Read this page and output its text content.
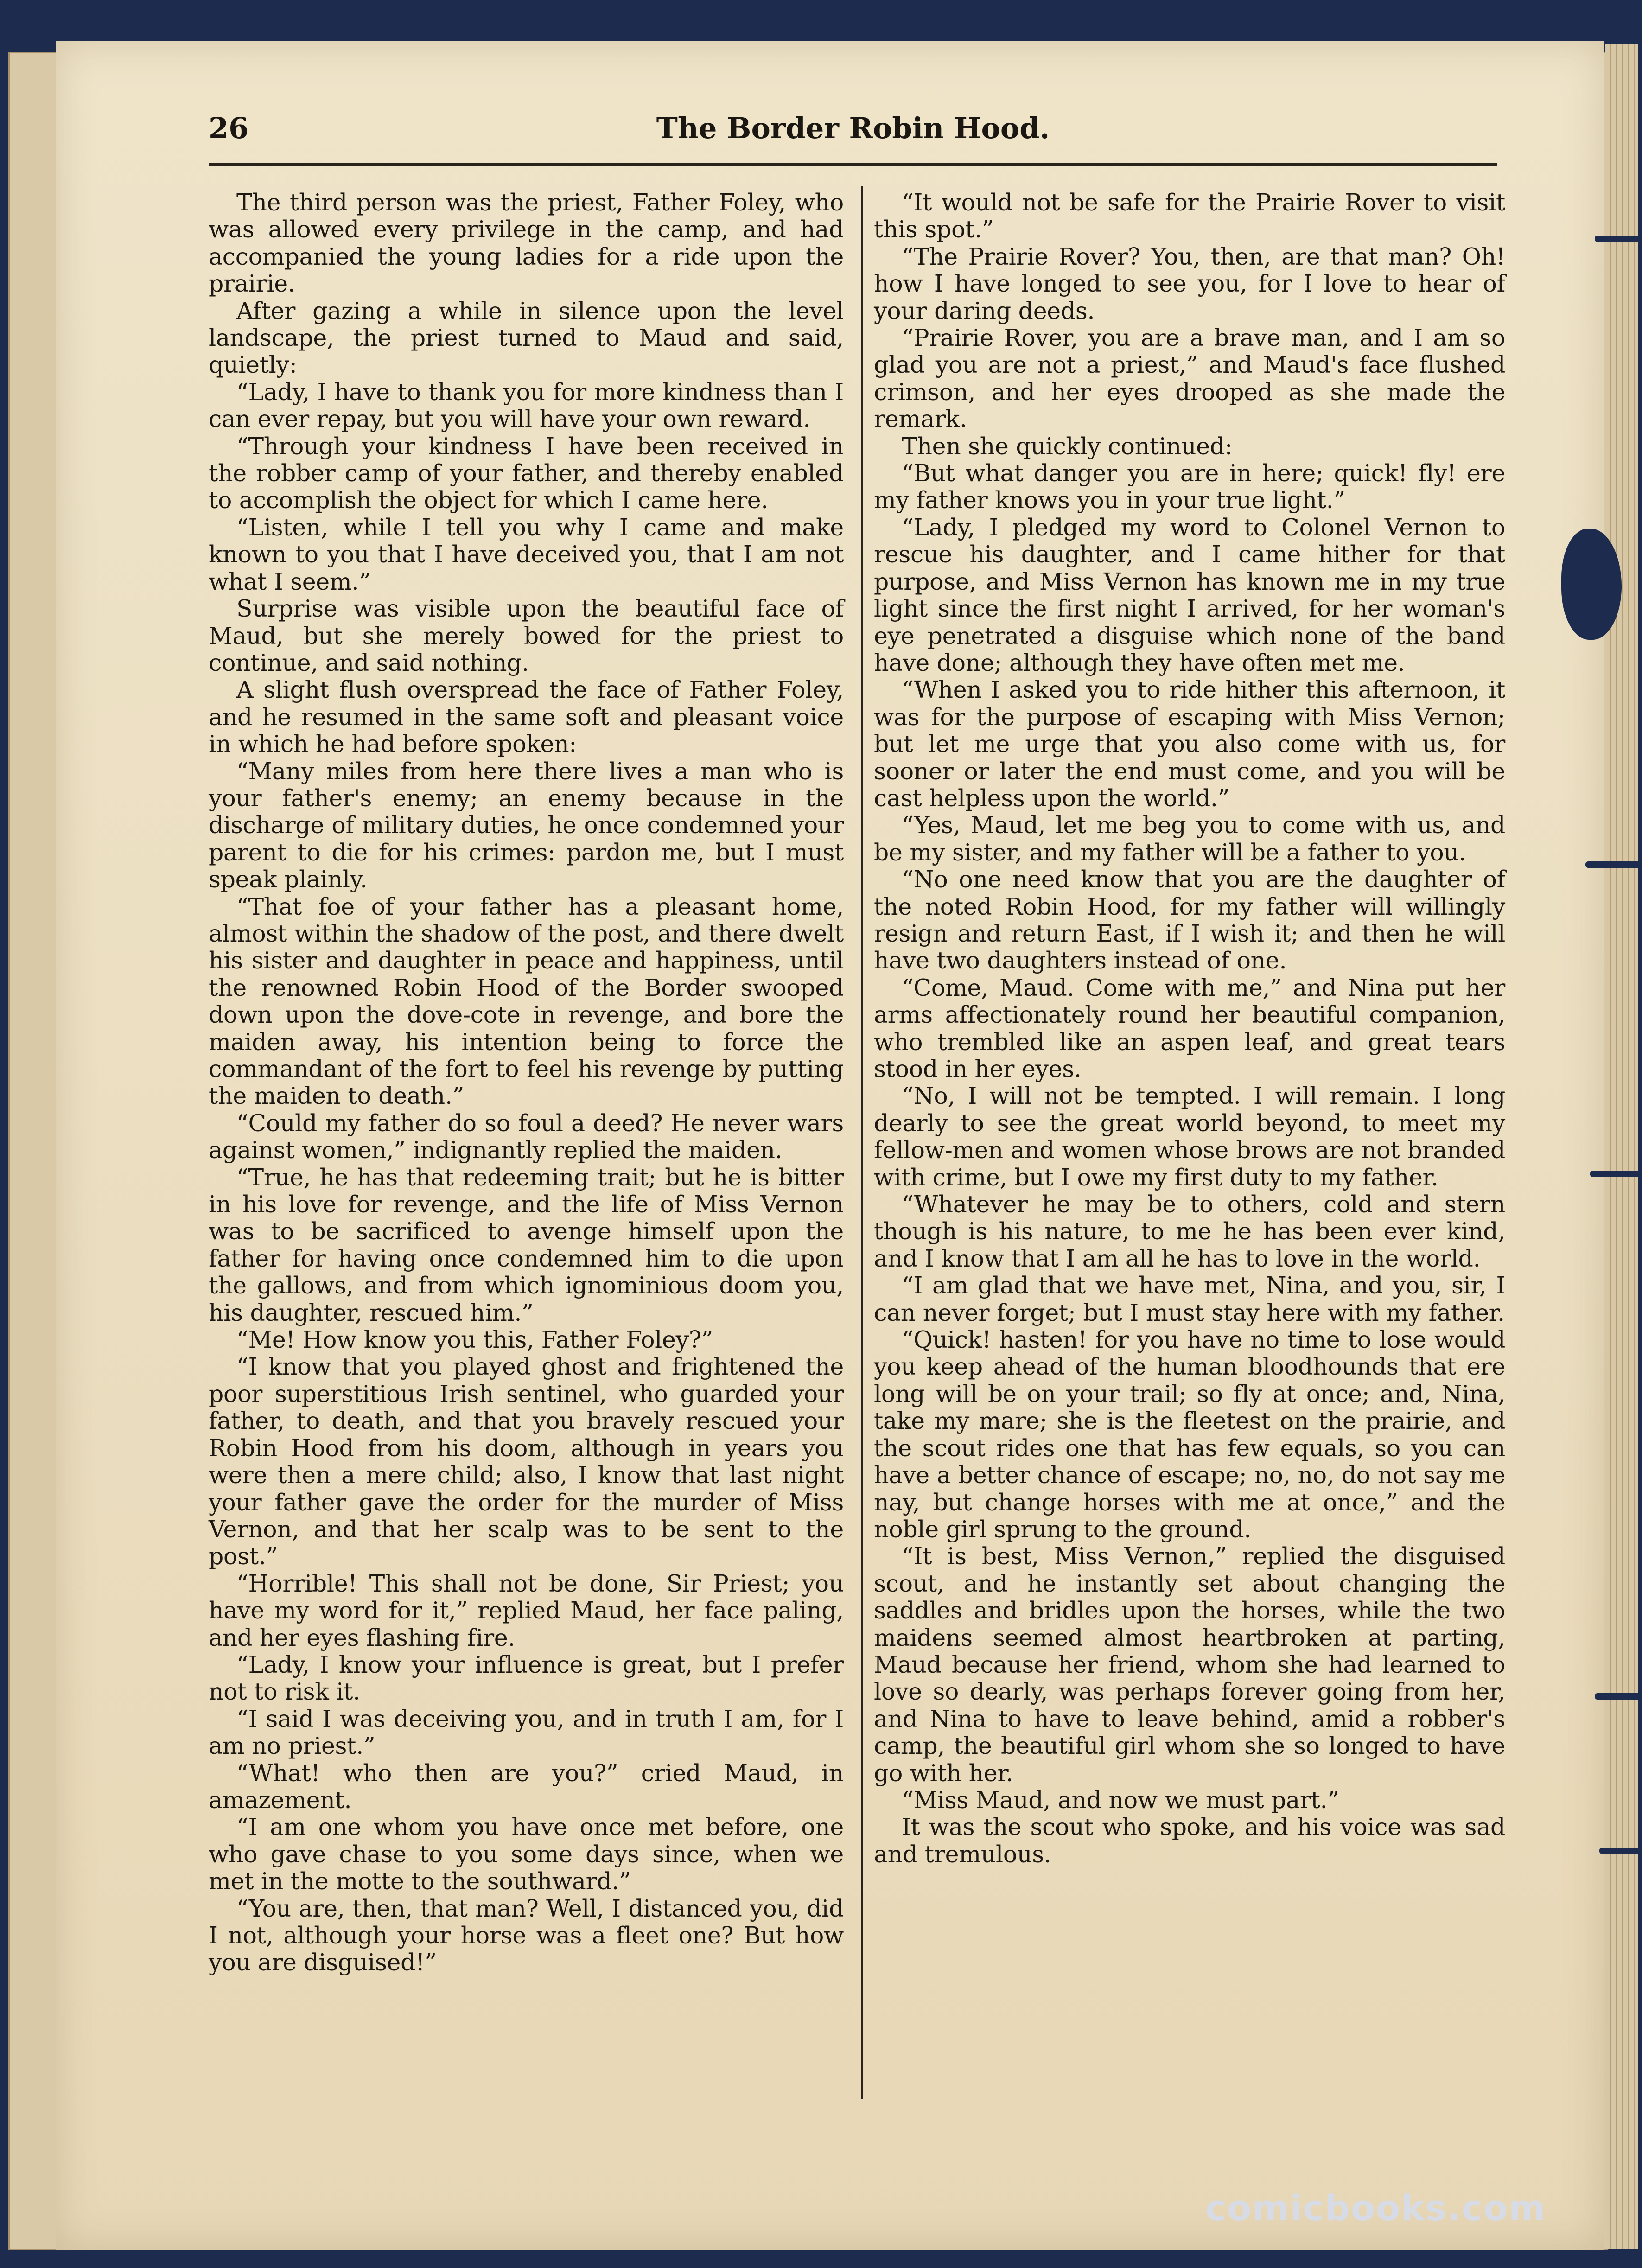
The Border Robin Hood.
26

The third person was the priest, Father Foley, who was allowed every privilege in the camp, and had accompanied the young ladies for a ride upon the prairie.

After gazing a while in silence upon the level landscape, the priest turned to Maud and said, quietly:

“Lady, I have to thank you for more kindness than I can ever repay, but you will have your own reward.

“Through your kindness I have been received in the robber camp of your father, and thereby enabled to accomplish the object for which I came here.

“Listen, while I tell you why I came and make known to you that I have deceived you, that I am not what I seem.”

Surprise was visible upon the beautiful face of Maud, but she merely bowed for the priest to continue, and said nothing.

A slight flush overspread the face of Father Foley, and he resumed in the same soft and pleasant voice in which he had before spoken:

“Many miles from here there lives a man who is your father's enemy; an enemy because in the discharge of military duties, he once condemned your parent to die for his crimes: pardon me, but I must speak plainly.

“That foe of your father has a pleasant home, almost within the shadow of the post, and there dwelt his sister and daughter in peace and happiness, until the renowned Robin Hood of the Border swooped down upon the dove-cote in revenge, and bore the maiden away, his intention being to force the commandant of the fort to feel his revenge by putting the maiden to death.”

“Could my father do so foul a deed? He never wars against women,” indignantly replied the maiden.

“True, he has that redeeming trait; but he is bitter in his love for revenge, and the life of Miss Vernon was to be sacrificed to avenge himself upon the father for having once condemned him to die upon the gallows, and from which ignominious doom you, his daughter, rescued him.”

“Me! How know you this, Father Foley?”

“I know that you played ghost and frightened the poor superstitious Irish sentinel, who guarded your father, to death, and that you bravely rescued your Robin Hood from his doom, although in years you were then a mere child; also, I know that last night your father gave the order for the murder of Miss Vernon, and that her scalp was to be sent to the post.”

“Horrible! This shall not be done, Sir Priest; you have my word for it,” replied Maud, her face paling, and her eyes flashing fire.

“Lady, I know your influence is great, but I prefer not to risk it.

“I said I was deceiving you, and in truth I am, for I am no priest.”

“What! who then are you?” cried Maud, in amazement.

“I am one whom you have once met before, one who gave chase to you some days since, when we met in the motte to the southward.”

“You are, then, that man? Well, I distanced you, did I not, although your horse was a fleet one? But how you are disguised!”

“It would not be safe for the Prairie Rover to visit this spot.”

“The Prairie Rover? You, then, are that man? Oh! how I have longed to see you, for I love to hear of your daring deeds.

“Prairie Rover, you are a brave man, and I am so glad you are not a priest,” and Maud's face flushed crimson, and her eyes drooped as she made the remark.

Then she quickly continued:

“But what danger you are in here; quick! fly! ere my father knows you in your true light.”

“Lady, I pledged my word to Colonel Vernon to rescue his daughter, and I came hither for that purpose, and Miss Vernon has known me in my true light since the first night I arrived, for her woman's eye penetrated a disguise which none of the band have done; although they have often met me.

“When I asked you to ride hither this afternoon, it was for the purpose of escaping with Miss Vernon; but let me urge that you also come with us, for sooner or later the end must come, and you will be cast helpless upon the world.”

“Yes, Maud, let me beg you to come with us, and be my sister, and my father will be a father to you.

“No one need know that you are the daughter of the noted Robin Hood, for my father will willingly resign and return East, if I wish it; and then he will have two daughters instead of one.

“Come, Maud. Come with me,” and Nina put her arms affectionately round her beautiful companion, who trembled like an aspen leaf, and great tears stood in her eyes.

“No, I will not be tempted. I will remain. I long dearly to see the great world beyond, to meet my fellow-men and women whose brows are not branded with crime, but I owe my first duty to my father.

“Whatever he may be to others, cold and stern though is his nature, to me he has been ever kind, and I know that I am all he has to love in the world.

“I am glad that we have met, Nina, and you, sir, I can never forget; but I must stay here with my father.

“Quick! hasten! for you have no time to lose would you keep ahead of the human bloodhounds that ere long will be on your trail; so fly at once; and, Nina, take my mare; she is the fleetest on the prairie, and the scout rides one that has few equals, so you can have a better chance of escape; no, no, do not say me nay, but change horses with me at once,” and the noble girl sprung to the ground.

“It is best, Miss Vernon,” replied the disguised scout, and he instantly set about changing the saddles and bridles upon the horses, while the two maidens seemed almost heartbroken at parting, Maud because her friend, whom she had learned to love so dearly, was perhaps forever going from her, and Nina to have to leave behind, amid a robber's camp, the beautiful girl whom she so longed to have go with her.

“Miss Maud, and now we must part.”

It was the scout who spoke, and his voice was sad and tremulous.

comicbooks.com
